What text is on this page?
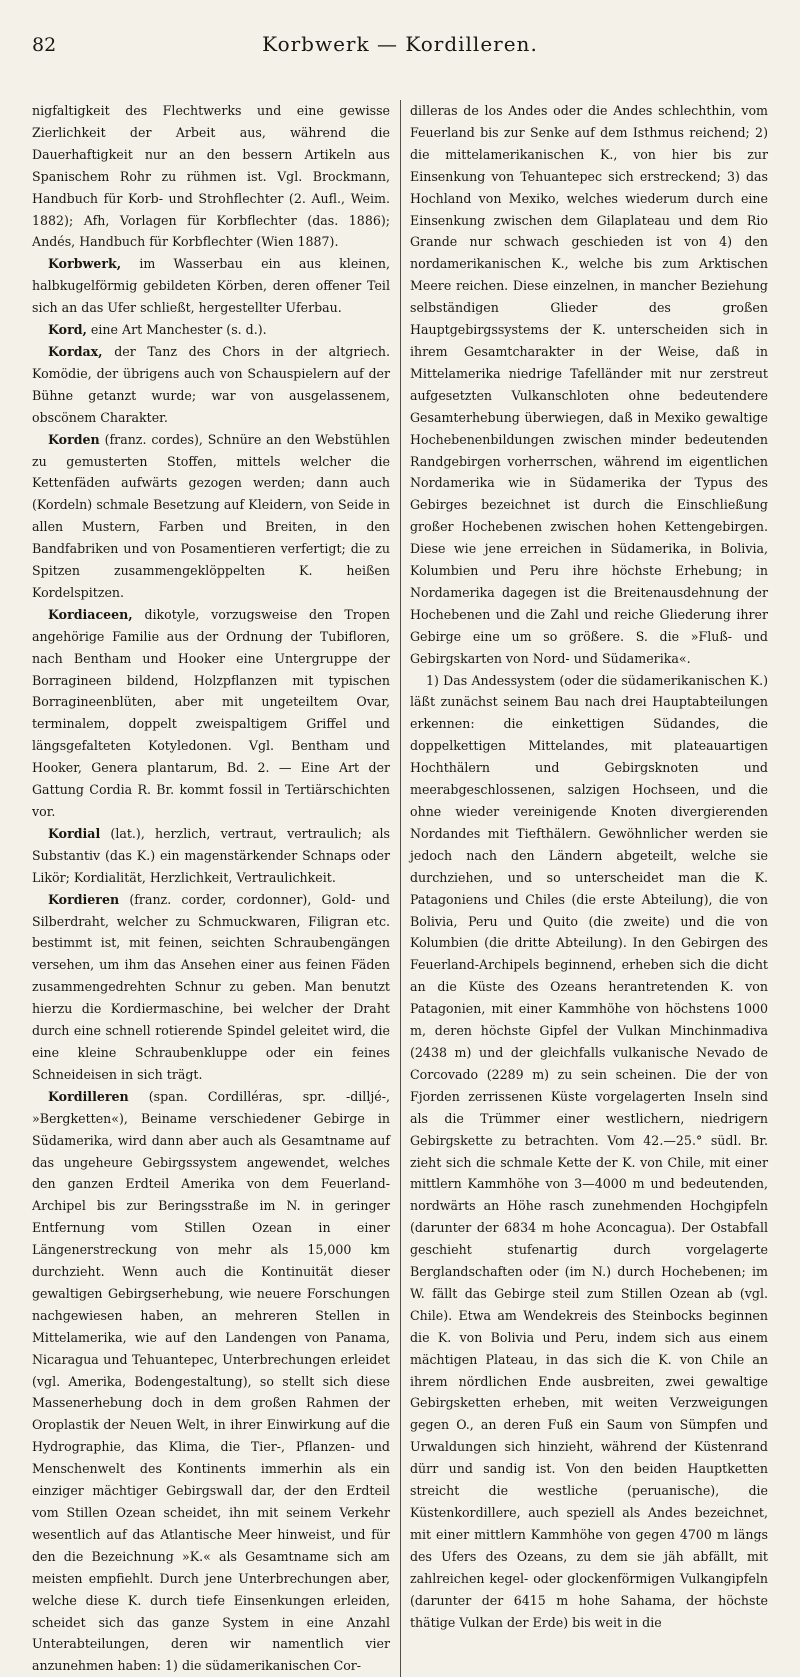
82	Korbwerk — Kordilleren.

nigfaltigkeit des Flechtwerks und eine gewisse Zierlichkeit der Arbeit aus, während die Dauerhaftigkeit nur an den bessern Artikeln aus Spanischem Rohr zu rühmen ist. Vgl. Brockmann, Handbuch für Korb- und Strohflechter (2. Aufl., Weim. 1882); Afh, Vorlagen für Korbflechter (das. 1886); Andés, Handbuch für Korbflechter (Wien 1887).

Korbwerk, im Wasserbau ein aus kleinen, halbkugelförmig gebildeten Körben, deren offener Teil sich an das Ufer schließt, hergestellter Uferbau.

Kord, eine Art Manchester (s. d.).

Kordax, der Tanz des Chors in der altgriech. Komödie, der übrigens auch von Schauspielern auf der Bühne getanzt wurde; war von ausgelassenem, obscönem Charakter.

Korden (franz. cordes), Schnüre an den Webstühlen zu gemusterten Stoffen, mittels welcher die Kettenfäden aufwärts gezogen werden; dann auch (Kordeln) schmale Besetzung auf Kleidern, von Seide in allen Mustern, Farben und Breiten, in den Bandfabriken und von Posamentieren verfertigt; die zu Spitzen zusammengeklöppelten K. heißen Kordelspitzen.

Kordiaceen, dikotyle, vorzugsweise den Tropen angehörige Familie aus der Ordnung der Tubifloren, nach Bentham und Hooker eine Untergruppe der Borragineen bildend, Holzpflanzen mit typischen Borragineenblüten, aber mit ungeteiltem Ovar, terminalem, doppelt zweispaltigem Griffel und längsgefalteten Kotyledonen. Vgl. Bentham und Hooker, Genera plantarum, Bd. 2. — Eine Art der Gattung Cordia R. Br. kommt fossil in Tertiärschichten vor.

Kordial (lat.), herzlich, vertraut, vertraulich; als Substantiv (das K.) ein magenstärkender Schnaps oder Likör; Kordialität, Herzlichkeit, Vertraulichkeit.

Kordieren (franz. corder, cordonner), Gold- und Silberdraht, welcher zu Schmuckwaren, Filigran etc. bestimmt ist, mit feinen, seichten Schraubengängen versehen, um ihm das Ansehen einer aus feinen Fäden zusammengedrehten Schnur zu geben. Man benutzt hierzu die Kordiermaschine, bei welcher der Draht durch eine schnell rotierende Spindel geleitet wird, die eine kleine Schraubenkluppe oder ein feines Schneideisen in sich trägt.

Kordilleren (span. Cordilléras, spr. -dilljé-, »Bergketten«), Beiname verschiedener Gebirge in Südamerika, wird dann aber auch als Gesamtname auf das ungeheure Gebirgssystem angewendet, welches den ganzen Erdteil Amerika von dem Feuerland-Archipel bis zur Beringsstraße im N. in geringer Entfernung vom Stillen Ozean in einer Längenerstreckung von mehr als 15,000 km durchzieht. Wenn auch die Kontinuität dieser gewaltigen Gebirgserhebung, wie neuere Forschungen nachgewiesen haben, an mehreren Stellen in Mittelamerika, wie auf den Landengen von Panama, Nicaragua und Tehuantepec, Unterbrechungen erleidet (vgl. Amerika, Bodengestaltung), so stellt sich diese Massenerhebung doch in dem großen Rahmen der Oroplastik der Neuen Welt, in ihrer Einwirkung auf die Hydrographie, das Klima, die Tier-, Pflanzen- und Menschenwelt des Kontinents immerhin als ein einziger mächtiger Gebirgswall dar, der den Erdteil vom Stillen Ozean scheidet, ihn mit seinem Verkehr wesentlich auf das Atlantische Meer hinweist, und für den die Bezeichnung »K.« als Gesamtname sich am meisten empfiehlt. Durch jene Unterbrechungen aber, welche diese K. durch tiefe Einsenkungen erleiden, scheidet sich das ganze System in eine Anzahl Unterabteilungen, deren wir namentlich vier anzunehmen haben: 1) die südamerikanischen Cor-

dilleras de los Andes oder die Andes schlechthin, vom Feuerland bis zur Senke auf dem Isthmus reichend; 2) die mittelamerikanischen K., von hier bis zur Einsenkung von Tehuantepec sich erstreckend; 3) das Hochland von Mexiko, welches wiederum durch eine Einsenkung zwischen dem Gilaplateau und dem Rio Grande nur schwach geschieden ist von 4) den nordamerikanischen K., welche bis zum Arktischen Meere reichen. Diese einzelnen, in mancher Beziehung selbständigen Glieder des großen Hauptgebirgssystems der K. unterscheiden sich in ihrem Gesamtcharakter in der Weise, daß in Mittelamerika niedrige Tafelländer mit nur zerstreut aufgesetzten Vulkanschloten ohne bedeutendere Gesamterhebung überwiegen, daß in Mexiko gewaltige Hochebenenbildungen zwischen minder bedeutenden Randgebirgen vorherrschen, während im eigentlichen Nordamerika wie in Südamerika der Typus des Gebirges bezeichnet ist durch die Einschließung großer Hochebenen zwischen hohen Kettengebirgen. Diese wie jene erreichen in Südamerika, in Bolivia, Kolumbien und Peru ihre höchste Erhebung; in Nordamerika dagegen ist die Breitenausdehnung der Hochebenen und die Zahl und reiche Gliederung ihrer Gebirge eine um so größere. S. die »Fluß- und Gebirgskarten von Nord- und Südamerika«.

1) Das Andessystem (oder die südamerikanischen K.) läßt zunächst seinem Bau nach drei Hauptabteilungen erkennen: die einkettigen Südandes, die doppelkettigen Mittelandes, mit plateauartigen Hochthälern und Gebirgsknoten und meerabgeschlossenen, salzigen Hochseen, und die ohne wieder vereinigende Knoten divergierenden Nordandes mit Tiefthälern. Gewöhnlicher werden sie jedoch nach den Ländern abgeteilt, welche sie durchziehen, und so unterscheidet man die K. Patagoniens und Chiles (die erste Abteilung), die von Bolivia, Peru und Quito (die zweite) und die von Kolumbien (die dritte Abteilung). In den Gebirgen des Feuerland-Archipels beginnend, erheben sich die dicht an die Küste des Ozeans herantretenden K. von Patagonien, mit einer Kammhöhe von höchstens 1000 m, deren höchste Gipfel der Vulkan Minchinmadiva (2438 m) und der gleichfalls vulkanische Nevado de Corcovado (2289 m) zu sein scheinen. Die der von Fjorden zerrissenen Küste vorgelagerten Inseln sind als die Trümmer einer westlichern, niedrigern Gebirgskette zu betrachten. Vom 42.—25.° südl. Br. zieht sich die schmale Kette der K. von Chile, mit einer mittlern Kammhöhe von 3—4000 m und bedeutenden, nordwärts an Höhe rasch zunehmenden Hochgipfeln (darunter der 6834 m hohe Aconcagua). Der Ostabfall geschieht stufenartig durch vorgelagerte Berglandschaften oder (im N.) durch Hochebenen; im W. fällt das Gebirge steil zum Stillen Ozean ab (vgl. Chile). Etwa am Wendekreis des Steinbocks beginnen die K. von Bolivia und Peru, indem sich aus einem mächtigen Plateau, in das sich die K. von Chile an ihrem nördlichen Ende ausbreiten, zwei gewaltige Gebirgsketten erheben, mit weiten Verzweigungen gegen O., an deren Fuß ein Saum von Sümpfen und Urwaldungen sich hinzieht, während der Küstenrand dürr und sandig ist. Von den beiden Hauptketten streicht die westliche (peruanische), die Küstenkordillere, auch speziell als Andes bezeichnet, mit einer mittlern Kammhöhe von gegen 4700 m längs des Ufers des Ozeans, zu dem sie jäh abfällt, mit zahlreichen kegel- oder glockenförmigen Vulkangipfeln (darunter der 6415 m hohe Sahama, der höchste thätige Vulkan der Erde) bis weit in die
